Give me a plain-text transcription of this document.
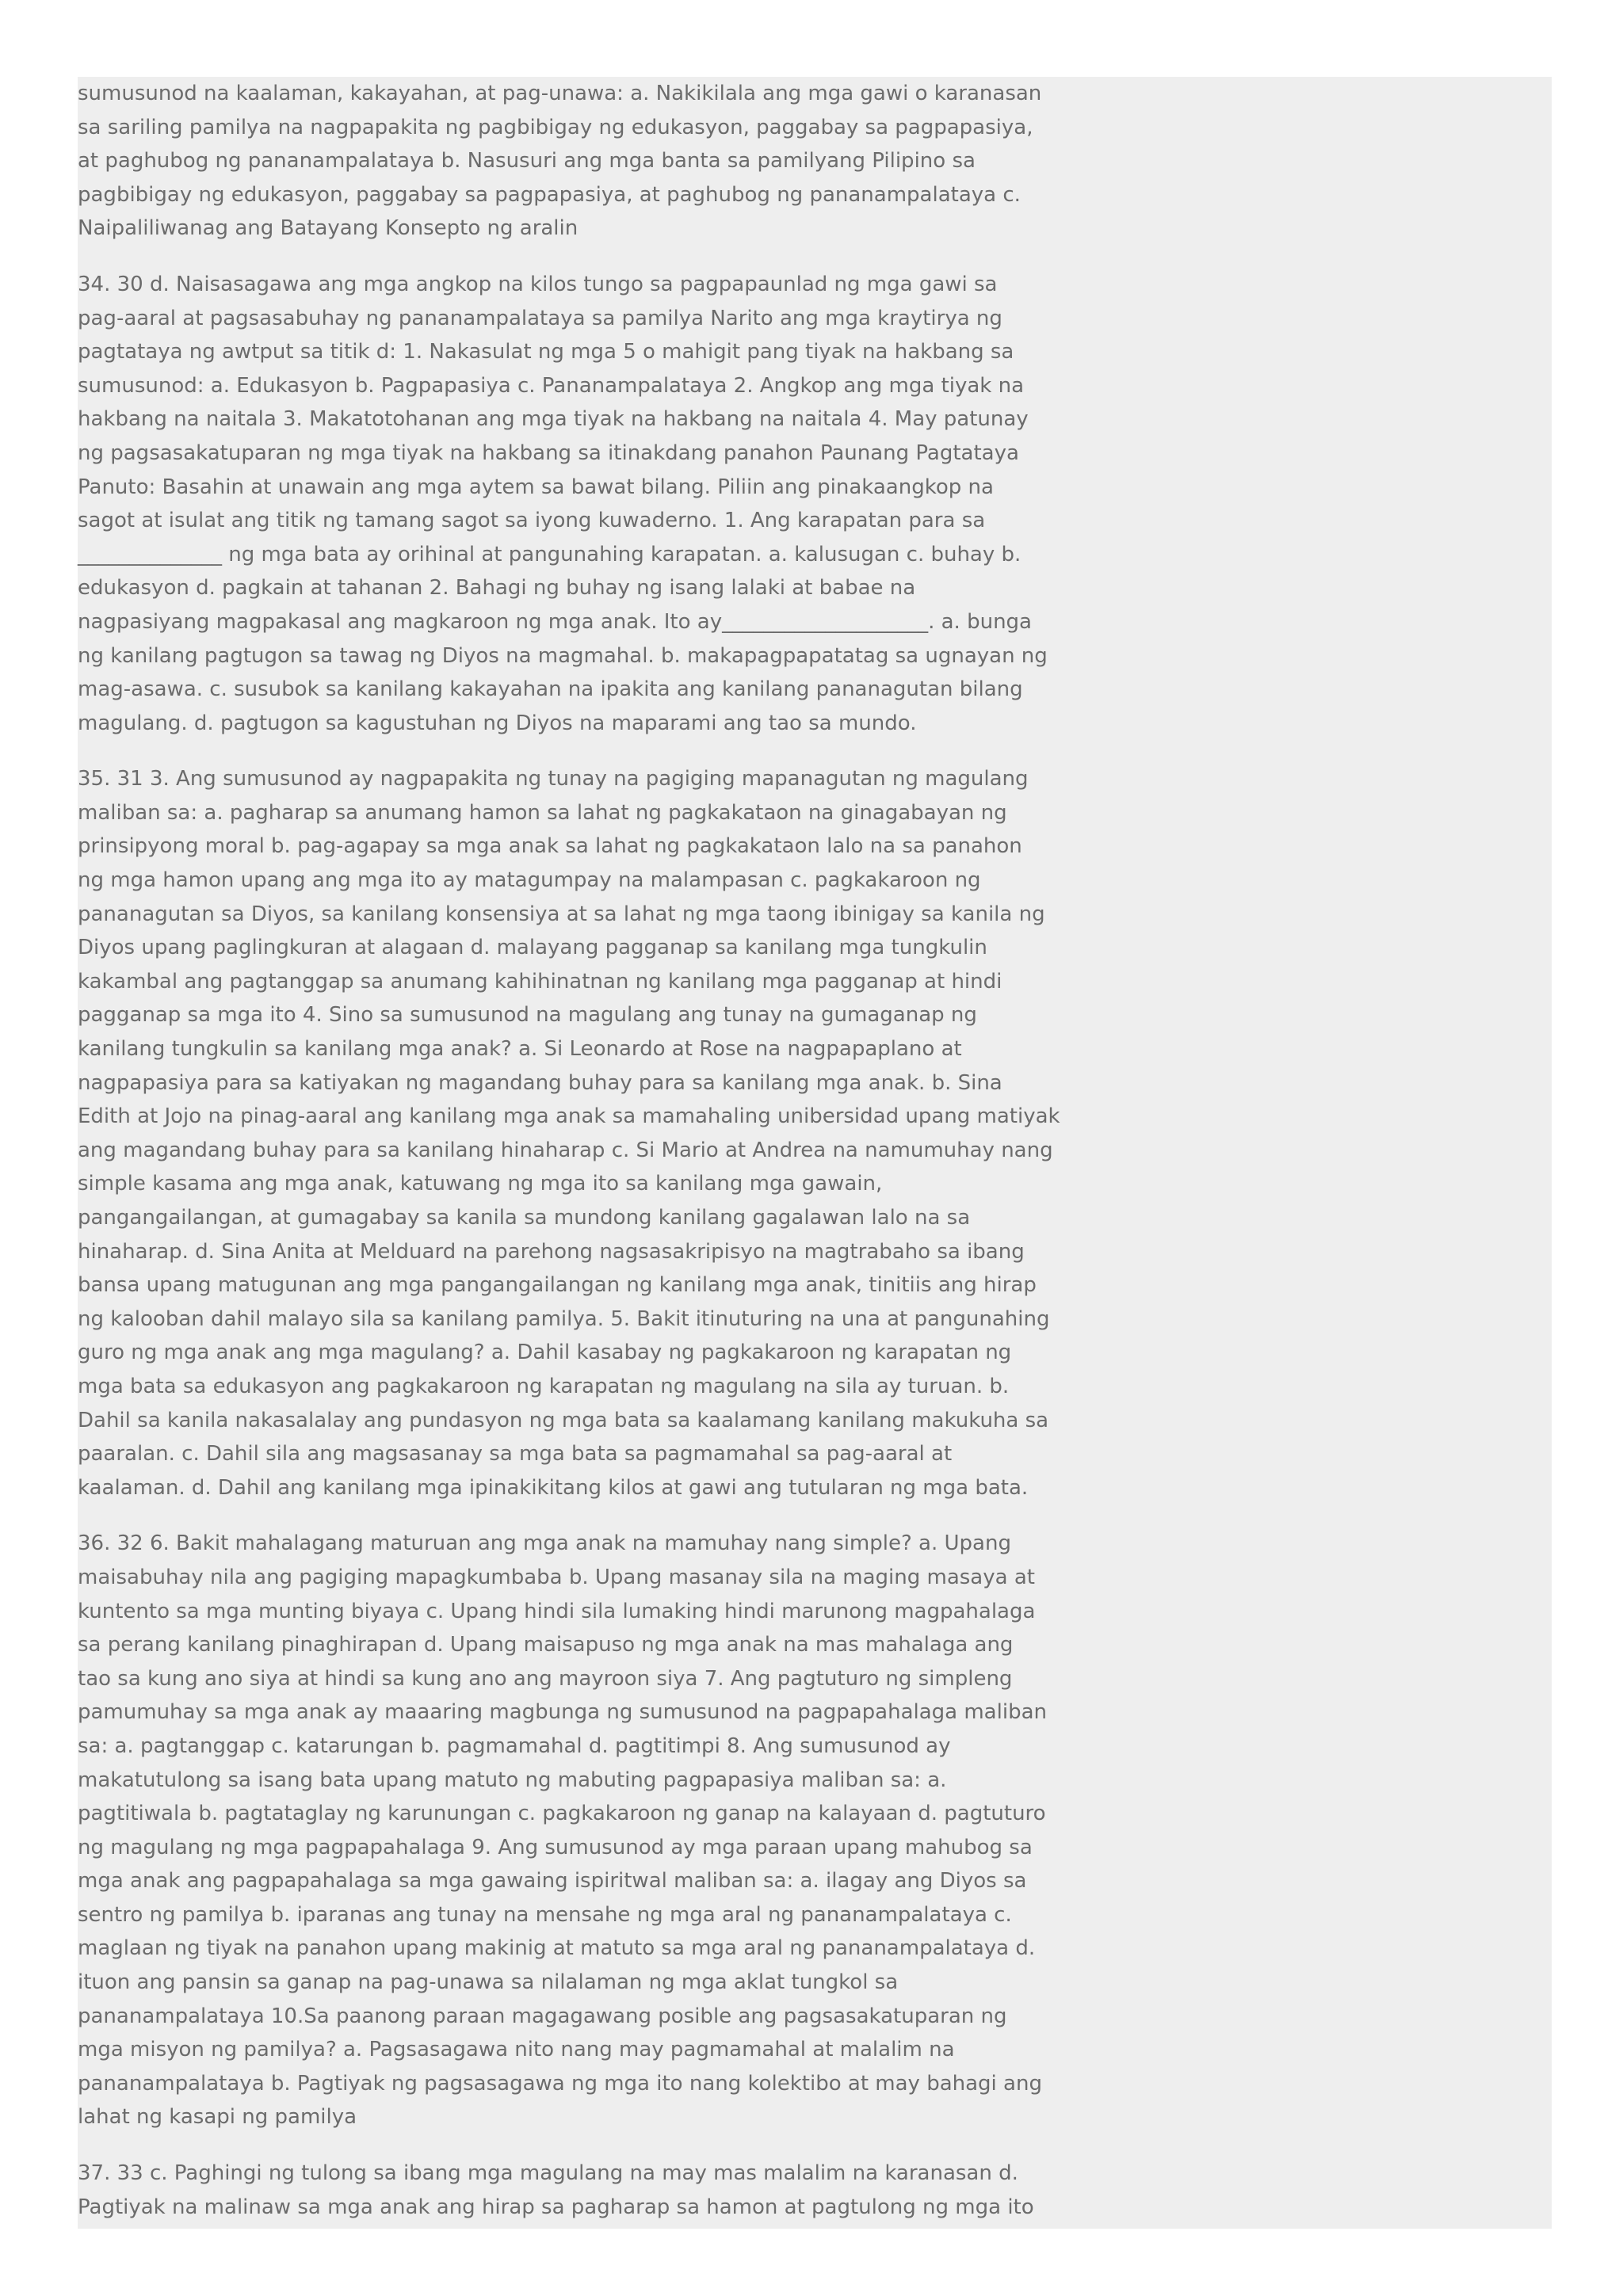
sumusunod na kaalaman, kakayahan, at pag-unawa: a. Nakikilala ang mga gawi o karanasan
sa sariling pamilya na nagpapakita ng pagbibigay ng edukasyon, paggabay sa pagpapasiya,
at paghubog ng pananampalataya b. Nasusuri ang mga banta sa pamilyang Pilipino sa
pagbibigay ng edukasyon, paggabay sa pagpapasiya, at paghubog ng pananampalataya c.
Naipaliliwanag ang Batayang Konsepto ng aralin

34. 30 d. Naisasagawa ang mga angkop na kilos tungo sa pagpapaunlad ng mga gawi sa
pag-aaral at pagsasabuhay ng pananampalataya sa pamilya Narito ang mga kraytirya ng
pagtataya ng awtput sa titik d: 1. Nakasulat ng mga 5 o mahigit pang tiyak na hakbang sa
sumusunod: a. Edukasyon b. Pagpapasiya c. Pananampalataya 2. Angkop ang mga tiyak na
hakbang na naitala 3. Makatotohanan ang mga tiyak na hakbang na naitala 4. May patunay
ng pagsasakatuparan ng mga tiyak na hakbang sa itinakdang panahon Paunang Pagtataya
Panuto: Basahin at unawain ang mga aytem sa bawat bilang. Piliin ang pinakaangkop na
sagot at isulat ang titik ng tamang sagot sa iyong kuwaderno. 1. Ang karapatan para sa
______________ ng mga bata ay orihinal at pangunahing karapatan. a. kalusugan c. buhay b.
edukasyon d. pagkain at tahanan 2. Bahagi ng buhay ng isang lalaki at babae na
nagpasiyang magpakasal ang magkaroon ng mga anak. Ito ay____________________. a. bunga
ng kanilang pagtugon sa tawag ng Diyos na magmahal. b. makapagpapatatag sa ugnayan ng
mag-asawa. c. susubok sa kanilang kakayahan na ipakita ang kanilang pananagutan bilang
magulang. d. pagtugon sa kagustuhan ng Diyos na maparami ang tao sa mundo.

35. 31 3. Ang sumusunod ay nagpapakita ng tunay na pagiging mapanagutan ng magulang
maliban sa: a. pagharap sa anumang hamon sa lahat ng pagkakataon na ginagabayan ng
prinsipyong moral b. pag-agapay sa mga anak sa lahat ng pagkakataon lalo na sa panahon
ng mga hamon upang ang mga ito ay matagumpay na malampasan c. pagkakaroon ng
pananagutan sa Diyos, sa kanilang konsensiya at sa lahat ng mga taong ibinigay sa kanila ng
Diyos upang paglingkuran at alagaan d. malayang pagganap sa kanilang mga tungkulin
kakambal ang pagtanggap sa anumang kahihinatnan ng kanilang mga pagganap at hindi
pagganap sa mga ito 4. Sino sa sumusunod na magulang ang tunay na gumaganap ng
kanilang tungkulin sa kanilang mga anak? a. Si Leonardo at Rose na nagpapaplano at
nagpapasiya para sa katiyakan ng magandang buhay para sa kanilang mga anak. b. Sina
Edith at Jojo na pinag-aaral ang kanilang mga anak sa mamahaling unibersidad upang matiyak
ang magandang buhay para sa kanilang hinaharap c. Si Mario at Andrea na namumuhay nang
simple kasama ang mga anak, katuwang ng mga ito sa kanilang mga gawain,
pangangailangan, at gumagabay sa kanila sa mundong kanilang gagalawan lalo na sa
hinaharap. d. Sina Anita at Melduard na parehong nagsasakripisyo na magtrabaho sa ibang
bansa upang matugunan ang mga pangangailangan ng kanilang mga anak, tinitiis ang hirap
ng kalooban dahil malayo sila sa kanilang pamilya. 5. Bakit itinuturing na una at pangunahing
guro ng mga anak ang mga magulang? a. Dahil kasabay ng pagkakaroon ng karapatan ng
mga bata sa edukasyon ang pagkakaroon ng karapatan ng magulang na sila ay turuan. b.
Dahil sa kanila nakasalalay ang pundasyon ng mga bata sa kaalamang kanilang makukuha sa
paaralan. c. Dahil sila ang magsasanay sa mga bata sa pagmamahal sa pag-aaral at
kaalaman. d. Dahil ang kanilang mga ipinakikitang kilos at gawi ang tutularan ng mga bata.

36. 32 6. Bakit mahalagang maturuan ang mga anak na mamuhay nang simple? a. Upang
maisabuhay nila ang pagiging mapagkumbaba b. Upang masanay sila na maging masaya at
kuntento sa mga munting biyaya c. Upang hindi sila lumaking hindi marunong magpahalaga
sa perang kanilang pinaghirapan d. Upang maisapuso ng mga anak na mas mahalaga ang
tao sa kung ano siya at hindi sa kung ano ang mayroon siya 7. Ang pagtuturo ng simpleng
pamumuhay sa mga anak ay maaaring magbunga ng sumusunod na pagpapahalaga maliban
sa: a. pagtanggap c. katarungan b. pagmamahal d. pagtitimpi 8. Ang sumusunod ay
makatutulong sa isang bata upang matuto ng mabuting pagpapasiya maliban sa: a.
pagtitiwala b. pagtataglay ng karunungan c. pagkakaroon ng ganap na kalayaan d. pagtuturo
ng magulang ng mga pagpapahalaga 9. Ang sumusunod ay mga paraan upang mahubog sa
mga anak ang pagpapahalaga sa mga gawaing ispiritwal maliban sa: a. ilagay ang Diyos sa
sentro ng pamilya b. iparanas ang tunay na mensahe ng mga aral ng pananampalataya c.
maglaan ng tiyak na panahon upang makinig at matuto sa mga aral ng pananampalataya d.
ituon ang pansin sa ganap na pag-unawa sa nilalaman ng mga aklat tungkol sa
pananampalataya 10.Sa paanong paraan magagawang posible ang pagsasakatuparan ng
mga misyon ng pamilya? a. Pagsasagawa nito nang may pagmamahal at malalim na
pananampalataya b. Pagtiyak ng pagsasagawa ng mga ito nang kolektibo at may bahagi ang
lahat ng kasapi ng pamilya

37. 33 c. Paghingi ng tulong sa ibang mga magulang na may mas malalim na karanasan d.
Pagtiyak na malinaw sa mga anak ang hirap sa pagharap sa hamon at pagtulong ng mga ito
